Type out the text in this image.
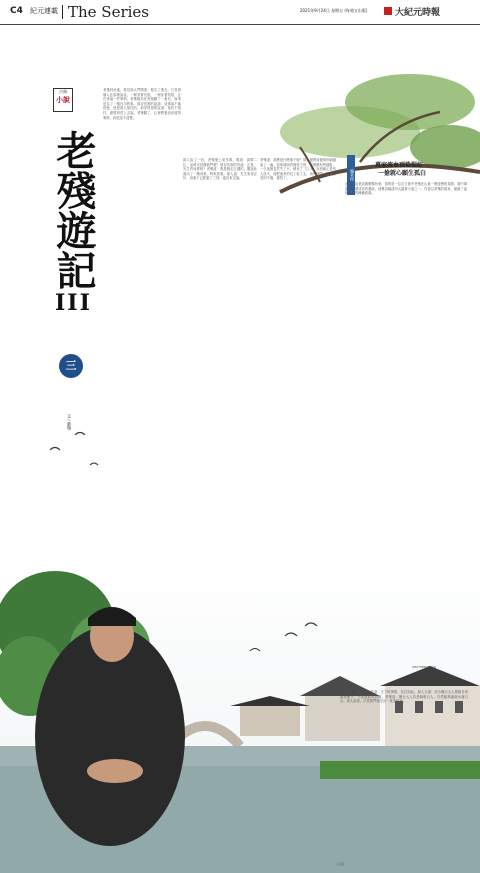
C4 紀元連載 The Series	2021年9月24日 星期五 (每週五出版)	大紀元時報
古典
小說
老殘遊記
III
三
文 / 劉鶚
老殘到此地，看見那大門開著，便走了進去。只見兩個人在那裡說話，一個穿著長袍，一個穿著短褂，正在爭論一件事情。老殘便站在旁邊聽了一會兒，原來是為了一樁官司的事。那穿長袍的說道：這事原不能怪他，他是被人冤枉的。那穿短褂的說道：冤枉不冤枉，總要到堂上去說。老殘聽了，心裡想著這世道的事情，真是說不清楚。
兩人說了一回，老殘便上前作揖，問道：請問二位，這裡可是縣衙門麼？那穿長袍的答道：正是，先生有何貴幹？老殘道：我是個走江湖的，聽說此處出了一樁奇案，特來看看。那人道：先生來得正好，這案子已經審了三回，還沒有定論。
老殘道：那麼是什麼案子呢？那人便將前後情形細細說了一遍。原來城南有個姓王的，家裡頗有些錢財，一日夜裡忽然失了火，燒死了三口人。官府疑心是有人放火，便把他家的長工捉了去，用刑拷問，那長工受刑不過，便招了。	編者按
萬家流血頂染猩紅
一搶就心願生孤白
這部小說是清朝劉鶚所著，寫的是一位走方郎中老殘在山東一帶遊歷的見聞，書中揭露了所謂清官的暴政，被譽為晚清四大譴責小說之一。作者以老殘的視角，描繪了當時社會的種種面貌。
SHUTTERSTOCK
老殘聽了，嘆了一口氣道：天下的事情，往往如此。那人又道：如今撫台大人要親自來審這案子，不知道結果如何。老殘道：撫台大人若是個明白人，自然能夠審個水落石出。兩人說著，只見衙門裡走出一班差役來。
示意圖
